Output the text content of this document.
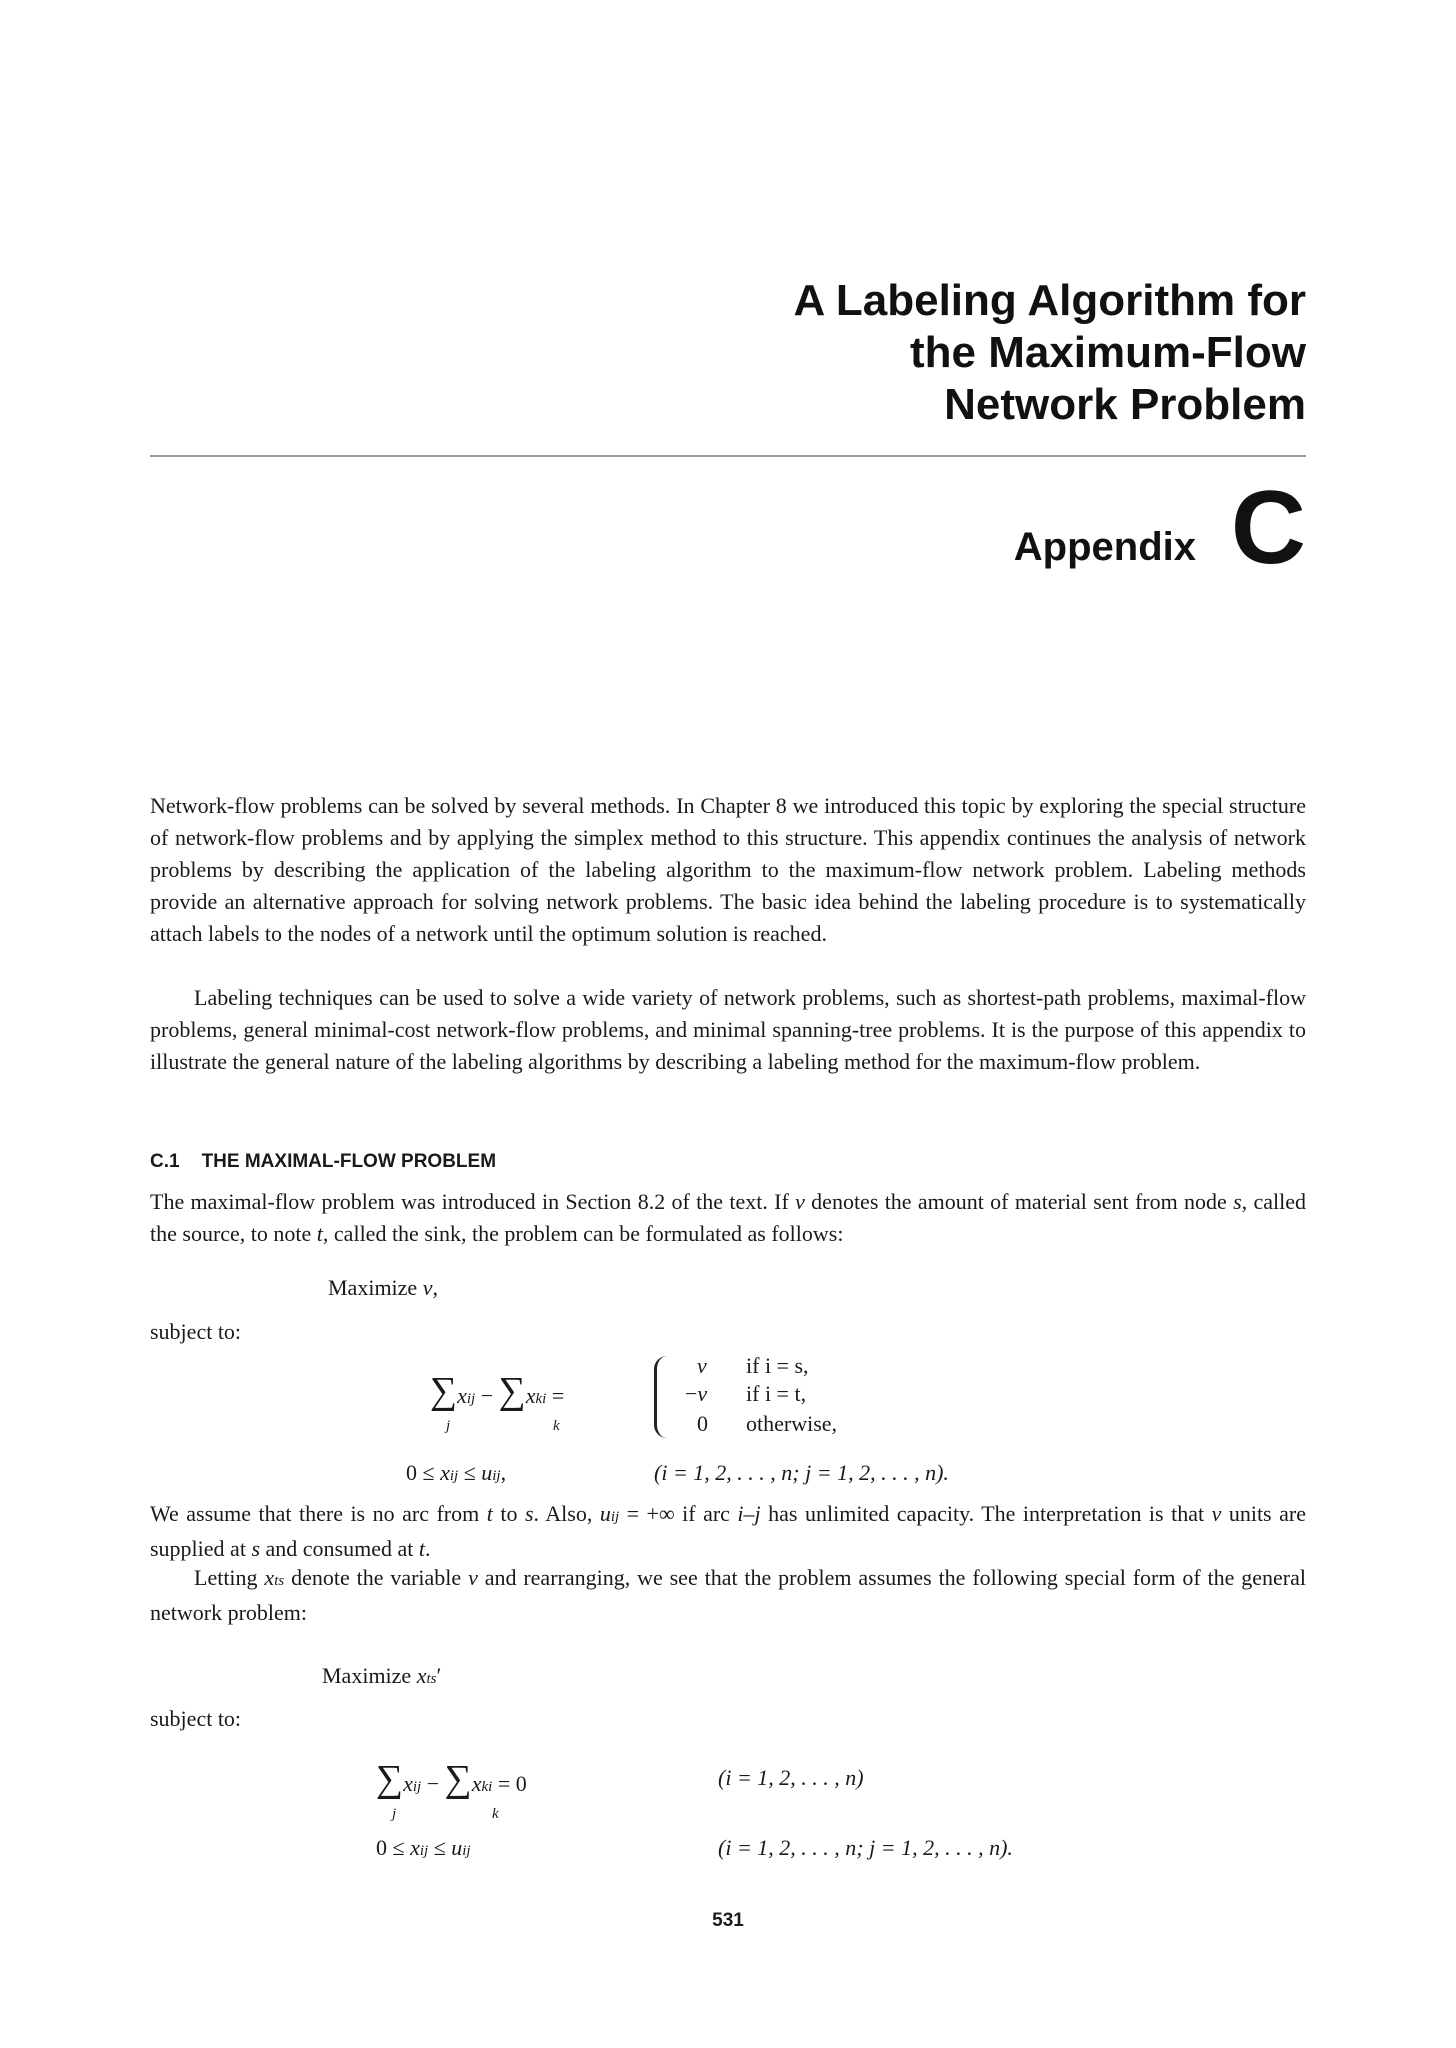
A Labeling Algorithm for
the Maximum-Flow
Network Problem
Appendix C

Network-flow problems can be solved by several methods. In Chapter 8 we introduced this topic by exploring the special structure of network-flow problems and by applying the simplex method to this structure. This appendix continues the analysis of network problems by describing the application of the labeling algorithm to the maximum-flow network problem. Labeling methods provide an alternative approach for solving network problems. The basic idea behind the labeling procedure is to systematically attach labels to the nodes of a network until the optimum solution is reached.

Labeling techniques can be used to solve a wide variety of network problems, such as shortest-path problems, maximal-flow problems, general minimal-cost network-flow problems, and minimal spanning-tree problems. It is the purpose of this appendix to illustrate the general nature of the labeling algorithms by describing a labeling method for the maximum-flow problem.

C.1 THE MAXIMAL-FLOW PROBLEM

The maximal-flow problem was introduced in Section 8.2 of the text. If v denotes the amount of material sent from node s, called the source, to note t, called the sink, the problem can be formulated as follows:

Maximize v,
subject to:
∑xij − ∑xki =
j	k
v
−v
0
if i = s,
if i = t,
otherwise,
0 ≤ xij ≤ uij,	(i = 1, 2, . . . , n; j = 1, 2, . . . , n).

We assume that there is no arc from t to s. Also, uij = +∞ if arc i–j has unlimited capacity. The interpretation is that v units are supplied at s and consumed at t.

Letting xts denote the variable v and rearranging, we see that the problem assumes the following special form of the general network problem:

Maximize xts′
subject to:
∑xij − ∑xki = 0
j	k
(i = 1, 2, . . . , n)
0 ≤ xij ≤ uij	(i = 1, 2, . . . , n; j = 1, 2, . . . , n).
531
